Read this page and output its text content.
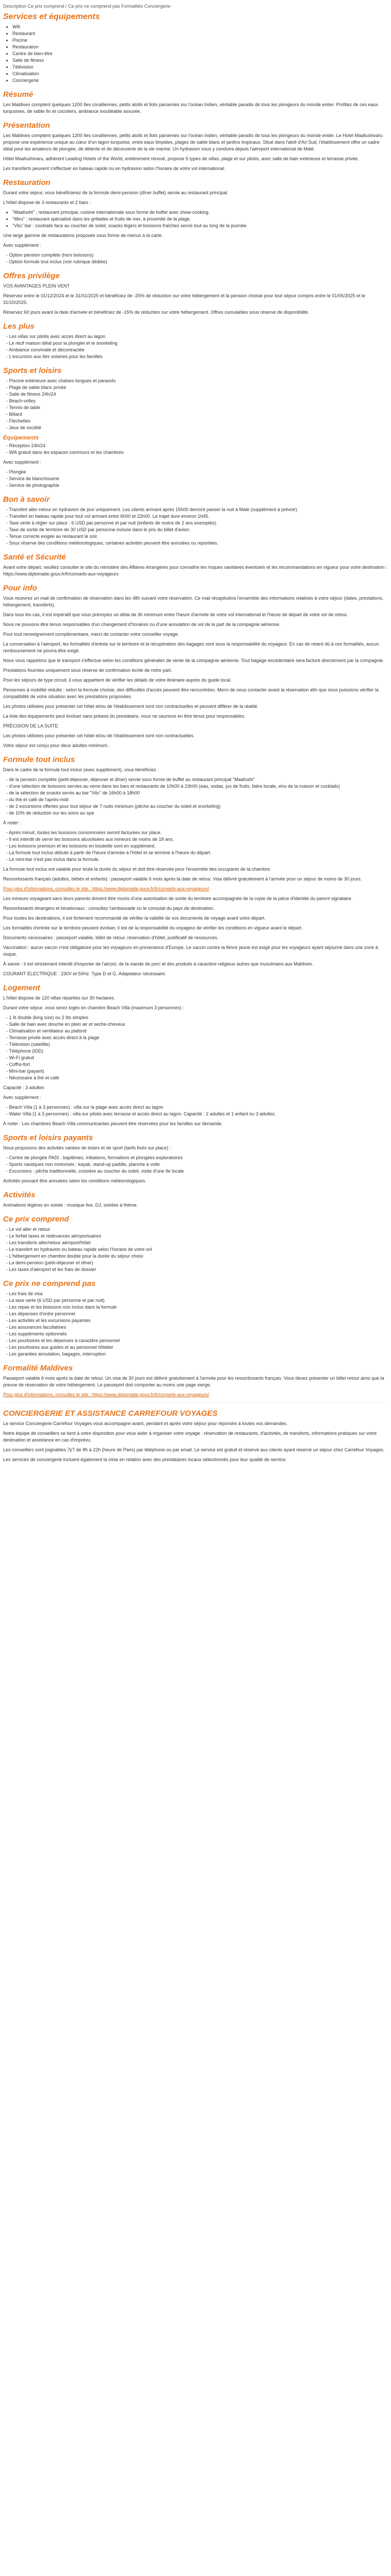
Description Ce prix comprend / Ce prix ne comprend pas Formalités Conciergerie
Services et équipements
• Wifi
• Restaurant
• Piscine
• Restauration
• Centre de bien-être
• Salle de fitness
• Télévision
• Climatisation
• Conciergerie
Résumé

Les Maldives comptent quelques 1200 îles coralliennes, petits atolls et îlots parsemés sur l'océan Indien, véritable paradis de tous les plongeurs du monde entier. Profitez de ces eaux turquoises, de sable fin et cocotiers, ambiance inoubliable assurée.

Présentation

Les Maldives comptent quelques 1200 îles coralliennes, petits atolls et îlots parsemés sur l'océan Indien, véritable paradis de tous les plongeurs du monde entier. Le Hotel Maafushivaru propose une expérience unique au cœur d'un lagon turquoise, entre eaux limpides, plages de sable blanc et jardins tropicaux. Situé dans l'atoll d'Ari Sud, l'établissement offre un cadre idéal pour les amateurs de plongée, de détente et de découverte de la vie marine. Un hydravion vous y conduira depuis l'aéroport international de Malé.

Hôtel Maafushivaru, adhérent Leading Hotels of the World, entièrement rénové, propose 5 types de villas, plage et sur pilotis, avec salle de bain extérieure et terrasse privée.

Les transferts peuvent s'effectuer en bateau rapide ou en hydravion selon l'horaire de votre vol international.

Restauration

Durant votre séjour, vous bénéficierez de la formule demi-pension (dîner buffet) servie au restaurant principal.

L'hôtel dispose de 3 restaurants et 2 bars :

• "Maafushi" : restaurant principal, cuisine internationale sous forme de buffet avec show-cooking.
• "Miru" : restaurant spécialisé dans les grillades et fruits de mer, à proximité de la plage.
• "Vilu" bar : cocktails face au coucher de soleil, snacks légers et boissons fraîches servis tout au long de la journée.

Une large gamme de restaurations proposée sous forme de menus à la carte.

Avec supplément :

- Option pension complète (hors boissons)
- Option formule tout inclus (voir rubrique dédiée)
Offres privilège

VOS AVANTAGES PLEIN VENT

Réservez entre le 01/12/2024 et le 31/01/2025 et bénéficiez de -25% de réduction sur votre hébergement et la pension choisie pour tout séjour compris entre le 01/05/2025 et le 31/10/2025.

Réservez 60 jours avant la date d'arrivée et bénéficiez de -15% de réduction sur votre hébergement. Offres cumulables sous réserve de disponibilité.

Les plus
- Les villas sur pilotis avec accès direct au lagon
- Le récif maison idéal pour la plongée et le snorkeling
- Ambiance conviviale et décontractée
- L'excursion aux îles voisines pour les familles
Sports et loisirs
- Piscine extérieure avec chaises longues et parasols
- Plage de sable blanc privée
- Salle de fitness 24h/24
- Beach-volley
- Tennis de table
- Billard
- Fléchettes
- Jeux de société
Équipements
- Réception 24h/24
- Wifi gratuit dans les espaces communs et les chambres

Avec supplément :

- Plongée
- Service de blanchisserie
- Service de photographie
Bon à savoir
- Transfert aller-retour en hydravion de jour uniquement. Les clients arrivant après 15h00 devront passer la nuit à Malé (supplément à prévoir).
- Transfert en bateau rapide pour tout vol arrivant entre 6h00 et 22h00. Le trajet dure environ 1h45.
- Taxe verte à régler sur place : 6 USD par personne et par nuit (enfants de moins de 2 ans exemptés).
- Taxe de sortie de territoire de 30 USD par personne incluse dans le prix du billet d'avion.
- Tenue correcte exigée au restaurant le soir.
- Sous réserve des conditions météorologiques, certaines activités peuvent être annulées ou reportées.
Santé et Sécurité

Avant votre départ, veuillez consulter le site du ministère des Affaires étrangères pour connaître les risques sanitaires éventuels et les recommandations en vigueur pour votre destination : https://www.diplomatie.gouv.fr/fr/conseils-aux-voyageurs

Pour info

Vous recevrez un mail de confirmation de réservation dans les 48h suivant votre réservation. Ce mail récapitulera l'ensemble des informations relatives à votre séjour (dates, prestations, hébergement, transferts).

Dans tous les cas, il est impératif que vous prévoyiez un délai de 3h minimum entre l'heure d'arrivée de votre vol international et l'heure de départ de votre vol de retour.

Nous ne pouvons être tenus responsables d'un changement d'horaires ou d'une annulation de vol de la part de la compagnie aérienne.

Pour tout renseignement complémentaire, merci de contacter votre conseiller voyage.

La conversation à l'aéroport, les formalités d'entrée sur le territoire et la récupération des bagages sont sous la responsabilité du voyageur. En cas de retard dû à ces formalités, aucun remboursement ne pourra être exigé.

Nous vous rappelons que le transport s'effectue selon les conditions générales de vente de la compagnie aérienne. Tout bagage excédentaire sera facturé directement par la compagnie.

Prestations fournies uniquement sous réserve de confirmation écrite de notre part.

Pour les séjours de type circuit, il vous appartient de vérifier les détails de votre itinéraire auprès du guide local.

Personnes à mobilité réduite : selon la formule choisie, des difficultés d'accès peuvent être rencontrées. Merci de nous contacter avant la réservation afin que nous puissions vérifier la compatibilité de votre situation avec les prestations proposées.

Les photos utilisées pour présenter cet hôtel et/ou de l'établissement sont non contractuelles et peuvent différer de la réalité.

La liste des équipements peut évoluer sans préavis du prestataire, nous ne saurions en être tenus pour responsables.

PRÉCISION DE LA SUITE

Les photos utilisées pour présenter cet hôtel et/ou de l'établissement sont non contractuelles.

Votre séjour est conçu pour deux adultes minimum.

Formule tout inclus

Dans le cadre de la formule tout inclus (avec supplément), vous bénéficiez :

- de la pension complète (petit-déjeuner, déjeuner et dîner) servie sous forme de buffet au restaurant principal "Maafushi"
- d'une sélection de boissons servies au verre dans les bars et restaurants de 10h00 à 23h00 (eau, sodas, jus de fruits, bière locale, vins de la maison et cocktails)
- de la sélection de snacks servis au bar "Vilu" de 16h00 à 18h00
- du thé et café de l'après-midi
- de 2 excursions offertes pour tout séjour de 7 nuits minimum (pêche au coucher du soleil et snorkeling)
- de 10% de réduction sur les soins au spa

À noter :

- Après minuit, toutes les boissons consommées seront facturées sur place.
- Il est interdit de servir les boissons alcoolisées aux mineurs de moins de 18 ans.
- Les boissons premium et les boissons en bouteille sont en supplément.
- La formule tout inclus débute à partir de l'heure d'arrivée à l'hôtel et se termine à l'heure du départ.
- Le mini-bar n'est pas inclus dans la formule.

La formule tout inclus est valable pour toute la durée du séjour et doit être réservée pour l'ensemble des occupants de la chambre.

Ressortissants français (adultes, bébés et enfants) : passeport valable 6 mois après la date de retour. Visa délivré gratuitement à l'arrivée pour un séjour de moins de 30 jours.

Pour plus d'informations, consultez le site : https://www.diplomatie.gouv.fr/fr/conseils-aux-voyageurs/

Les mineurs voyageant sans leurs parents doivent être munis d'une autorisation de sortie du territoire accompagnée de la copie de la pièce d'identité du parent signataire.

Ressortissants étrangers et binationaux : consultez l'ambassade ou le consulat du pays de destination.

Pour toutes les destinations, il est fortement recommandé de vérifier la validité de vos documents de voyage avant votre départ.

Les formalités d'entrée sur le territoire peuvent évoluer, il est de la responsabilité du voyageur de vérifier les conditions en vigueur avant le départ.

Documents nécessaires : passeport valable, billet de retour, réservation d'hôtel, justificatif de ressources.

Vaccination : aucun vaccin n'est obligatoire pour les voyageurs en provenance d'Europe. Le vaccin contre la fièvre jaune est exigé pour les voyageurs ayant séjourné dans une zone à risque.

À savoir : il est strictement interdit d'importer de l'alcool, de la viande de porc et des produits à caractère religieux autres que musulmans aux Maldives.

COURANT ÉLECTRIQUE : 230V et 50Hz. Type D et G. Adaptateur nécessaire.

Logement

L'hôtel dispose de 120 villas réparties sur 30 hectares.

Durant votre séjour, vous serez logés en chambre Beach Villa (maximum 3 personnes) :

- 1 lit double (king size) ou 2 lits simples
- Salle de bain avec douche en plein air et seche-cheveux
- Climatisation et ventilateur au plafond
- Terrasse privée avec accès direct à la plage
- Télévision (satellite)
- Téléphone (IDD)
- Wi-Fi gratuit
- Coffre-fort
- Mini-bar (payant)
- Nécessaire à thé et café

Capacité : 3 adultes

Avec supplément :

- Beach Villa (1 à 3 personnes) : villa sur la plage avec accès direct au lagon
- Water Villa (1 à 3 personnes) : villa sur pilotis avec terrasse et accès direct au lagon. Capacité : 2 adultes et 1 enfant ou 3 adultes.

À noter : Les chambres Beach Villa communicantes peuvent être réservées pour les familles sur demande.

Sports et loisirs payants

Nous proposons des activités variées de loisirs et de sport (tarifs fixés sur place) :

- Centre de plongée PADI : baptêmes, initiations, formations et plongées exploratoires
- Sports nautiques non motorisés : kayak, stand-up paddle, planche à voile
- Excursions : pêche traditionnelle, croisière au coucher du soleil, visite d'une île locale

Activités pouvant être annulées selon les conditions météorologiques.

Activités

Animations légères en soirée : musique live, DJ, soirées à thème.

Ce prix comprend
- Le vol aller et retour
- Le forfait taxes et redevances aéroportuaires
- Les transferts aller/retour aéroport/hôtel
- Le transfert en hydravion ou bateau rapide selon l'horaire de votre vol
- L'hébergement en chambre double pour la durée du séjour choisi
- La demi-pension (petit-déjeuner et dîner)
- Les taxes d'aéroport et les frais de dossier
Ce prix ne comprend pas
- Les frais de visa
- La taxe verte (6 USD par personne et par nuit)
- Les repas et les boissons non inclus dans la formule
- Les dépenses d'ordre personnel
- Les activités et les excursions payantes
- Les assurances facultatives
- Les suppléments optionnels
- Les pourboires et les dépenses à caractère personnel
- Les pourboires aux guides et au personnel hôtelier
- Les garanties annulation, bagages, interruption
Formalité Maldives

Passeport valable 6 mois après la date de retour. Un visa de 30 jours est délivré gratuitement à l'arrivée pour les ressortissants français. Vous devez présenter un billet retour ainsi que la preuve de réservation de votre hébergement. Le passeport doit comporter au moins une page vierge.

Pour plus d'informations, consultez le site : https://www.diplomatie.gouv.fr/fr/conseils-aux-voyageurs/

CONCIERGERIE ET ASSISTANCE CARREFOUR VOYAGES

Le service Conciergerie Carrefour Voyages vous accompagne avant, pendant et après votre séjour pour répondre à toutes vos demandes.

Notre équipe de conseillers se tient à votre disposition pour vous aider à organiser votre voyage : réservation de restaurants, d'activités, de transferts, informations pratiques sur votre destination et assistance en cas d'imprévu.

Les conseillers sont joignables 7j/7 de 8h à 22h (heure de Paris) par téléphone ou par email. Le service est gratuit et réservé aux clients ayant réservé un séjour chez Carrefour Voyages.

Les services de conciergerie incluent également la mise en relation avec des prestataires locaux sélectionnés pour leur qualité de service.
